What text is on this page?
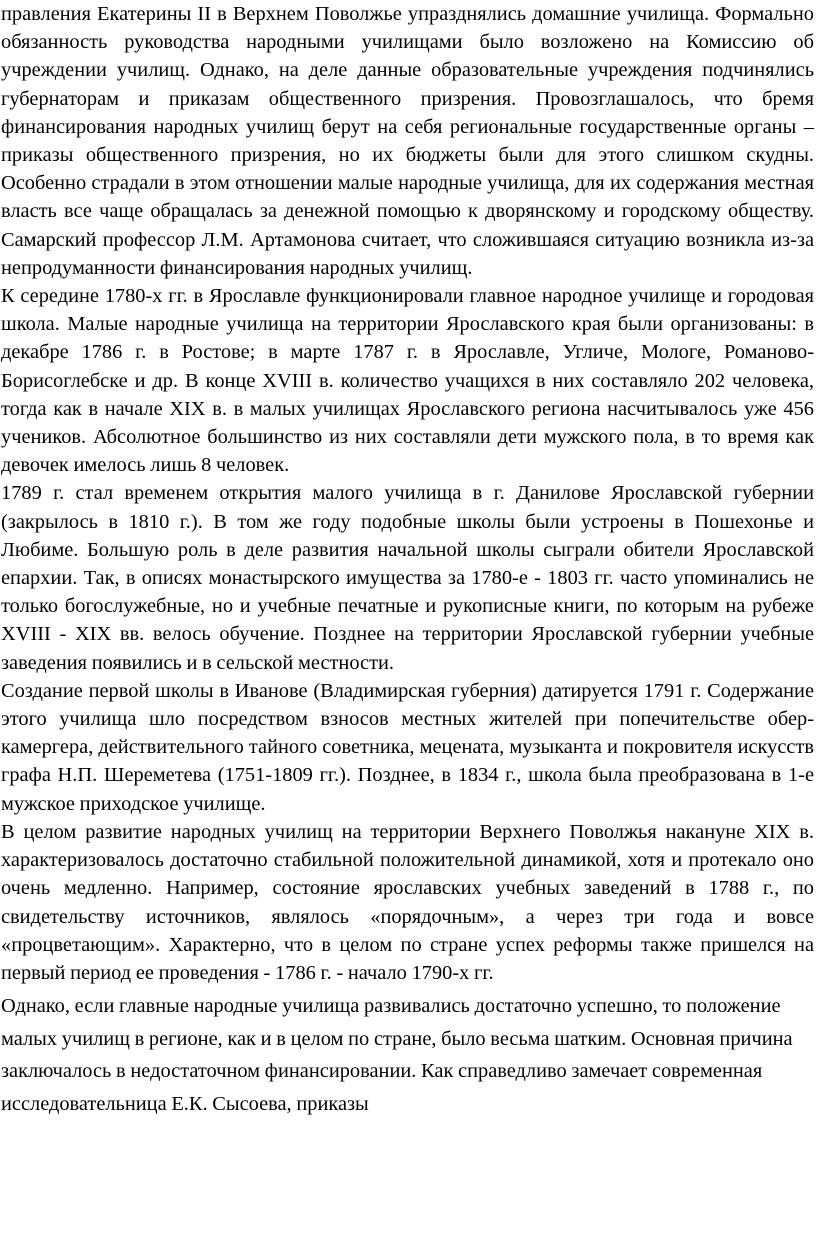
правления Екатерины II в Верхнем Поволжье упразднялись домашние училища. Формально обязанность руководства народными училищами было возложено на Комиссию об учреждении училищ. Однако, на деле данные образовательные учреждения подчинялись губернаторам и приказам общественного призрения. Провозглашалось, что бремя финансирования народных училищ берут на себя региональные государственные органы – приказы общественного призрения, но их бюджеты были для этого слишком скудны. Особенно страдали в этом отношении малые народные училища, для их содержания местная власть все чаще обращалась за денежной помощью к дворянскому и городскому обществу. Самарский профессор Л.М. Артамонова считает, что сложившаяся ситуацию возникла из-за непродуманности финансирования народных училищ.

К середине 1780-х гг. в Ярославле функционировали главное народное училище и городовая школа. Малые народные училища на территории Ярославского края были организованы: в декабре 1786 г. в Ростове; в марте 1787 г. в Ярославле, Угличе, Мологе, Романово-Борисоглебске и др. В конце XVIII в. количество учащихся в них составляло 202 человека, тогда как в начале XIX в. в малых училищах Ярославского региона насчитывалось уже 456 учеников. Абсолютное большинство из них составляли дети мужского пола, в то время как девочек имелось лишь 8 человек.

1789 г. стал временем открытия малого училища в г. Данилове Ярославской губернии (закрылось в 1810 г.). В том же году подобные школы были устроены в Пошехонье и Любиме. Большую роль в деле развития начальной школы сыграли обители Ярославской епархии. Так, в описях монастырского имущества за 1780-е - 1803 гг. часто упоминались не только богослужебные, но и учебные печатные и рукописные книги, по которым на рубеже XVIII - XIX вв. велось обучение. Позднее на территории Ярославской губернии учебные заведения появились и в сельской местности.

Создание первой школы в Иванове (Владимирская губерния) датируется 1791 г. Содержание этого училища шло посредством взносов местных жителей при попечительстве обер-камергера, действительного тайного советника, мецената, музыканта и покровителя искусств графа Н.П. Шереметева (1751-1809 гг.). Позднее, в 1834 г., школа была преобразована в 1-е мужское приходское училище.

В целом развитие народных училищ на территории Верхнего Поволжья накануне XIX в. характеризовалось достаточно стабильной положительной динамикой, хотя и протекало оно очень медленно. Например, состояние ярославских учебных заведений в 1788 г., по свидетельству источников, являлось «порядочным», а через три года и вовсе «процветающим». Характерно, что в целом по стране успех реформы также пришелся на первый период ее проведения - 1786 г. - начало 1790-х гг.

Однако, если главные народные училища развивались достаточно успешно, то положение малых училищ в регионе, как и в целом по стране, было весьма шатким. Основная причина заключалось в недостаточном финансировании. Как справедливо замечает современная исследовательница Е.К. Сысоева, приказы
